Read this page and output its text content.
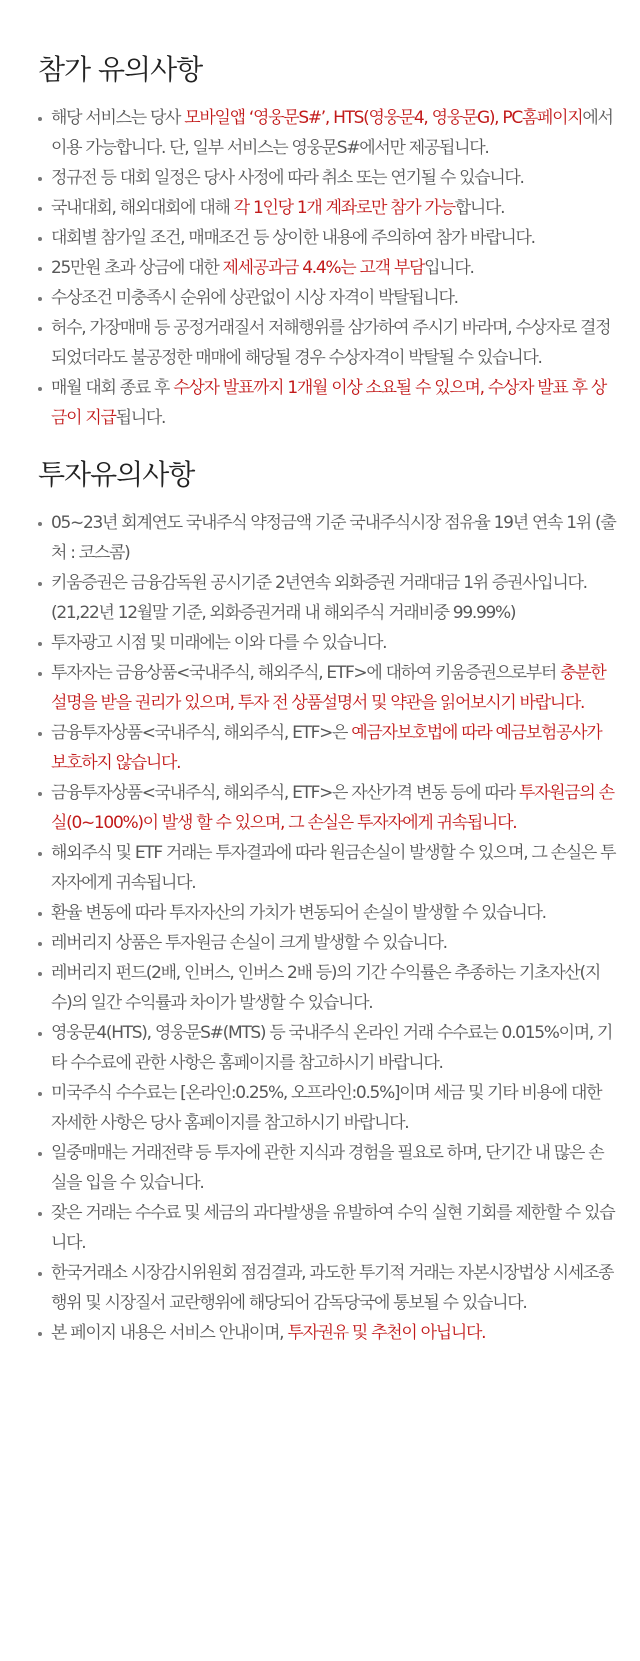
참가 유의사항
해당 서비스는 당사 모바일앱 ‘영웅문S#’, HTS(영웅문4, 영웅문G), PC홈페이지에서 이용 가능합니다. 단, 일부 서비스는 영웅문S#에서만 제공됩니다.
정규전 등 대회 일정은 당사 사정에 따라 취소 또는 연기될 수 있습니다.
국내대회, 해외대회에 대해 각 1인당 1개 계좌로만 참가 가능합니다.
대회별 참가일 조건, 매매조건 등 상이한 내용에 주의하여 참가 바랍니다.
25만원 초과 상금에 대한 제세공과금 4.4%는 고객 부담입니다.
수상조건 미충족시 순위에 상관없이 시상 자격이 박탈됩니다.
허수, 가장매매 등 공정거래질서 저해행위를 삼가하여 주시기 바라며, 수상자로 결정되었더라도 불공정한 매매에 해당될 경우 수상자격이 박탈될 수 있습니다.
매월 대회 종료 후 수상자 발표까지 1개월 이상 소요될 수 있으며, 수상자 발표 후 상금이 지급됩니다.
투자유의사항
05~23년 회계연도 국내주식 약정금액 기준 국내주식시장 점유율 19년 연속 1위 (출처 : 코스콤)
키움증권은 금융감독원 공시기준 2년연속 외화증권 거래대금 1위 증권사입니다. (21,22년 12월말 기준, 외화증권거래 내 해외주식 거래비중 99.99%)
투자광고 시점 및 미래에는 이와 다를 수 있습니다.
투자자는 금융상품<국내주식, 해외주식, ETF>에 대하여 키움증권으로부터 충분한 설명을 받을 권리가 있으며, 투자 전 상품설명서 및 약관을 읽어보시기 바랍니다.
금융투자상품<국내주식, 해외주식, ETF>은 예금자보호법에 따라 예금보험공사가 보호하지 않습니다.
금융투자상품<국내주식, 해외주식, ETF>은 자산가격 변동 등에 따라 투자원금의 손실(0~100%)이 발생 할 수 있으며, 그 손실은 투자자에게 귀속됩니다.
해외주식 및 ETF 거래는 투자결과에 따라 원금손실이 발생할 수 있으며, 그 손실은 투자자에게 귀속됩니다.
환율 변동에 따라 투자자산의 가치가 변동되어 손실이 발생할 수 있습니다.
레버리지 상품은 투자원금 손실이 크게 발생할 수 있습니다.
레버리지 펀드(2배, 인버스, 인버스 2배 등)의 기간 수익률은 추종하는 기초자산(지수)의 일간 수익률과 차이가 발생할 수 있습니다.
영웅문4(HTS), 영웅문S#(MTS) 등 국내주식 온라인 거래 수수료는 0.015%이며, 기타 수수료에 관한 사항은 홈페이지를 참고하시기 바랍니다.
미국주식 수수료는 [온라인:0.25%, 오프라인:0.5%]이며 세금 및 기타 비용에 대한 자세한 사항은 당사 홈페이지를 참고하시기 바랍니다.
일중매매는 거래전략 등 투자에 관한 지식과 경험을 필요로 하며, 단기간 내 많은 손실을 입을 수 있습니다.
잦은 거래는 수수료 및 세금의 과다발생을 유발하여 수익 실현 기회를 제한할 수 있습니다.
한국거래소 시장감시위원회 점검결과, 과도한 투기적 거래는 자본시장법상 시세조종행위 및 시장질서 교란행위에 해당되어 감독당국에 통보될 수 있습니다.
본 페이지 내용은 서비스 안내이며, 투자권유 및 추천이 아닙니다.
